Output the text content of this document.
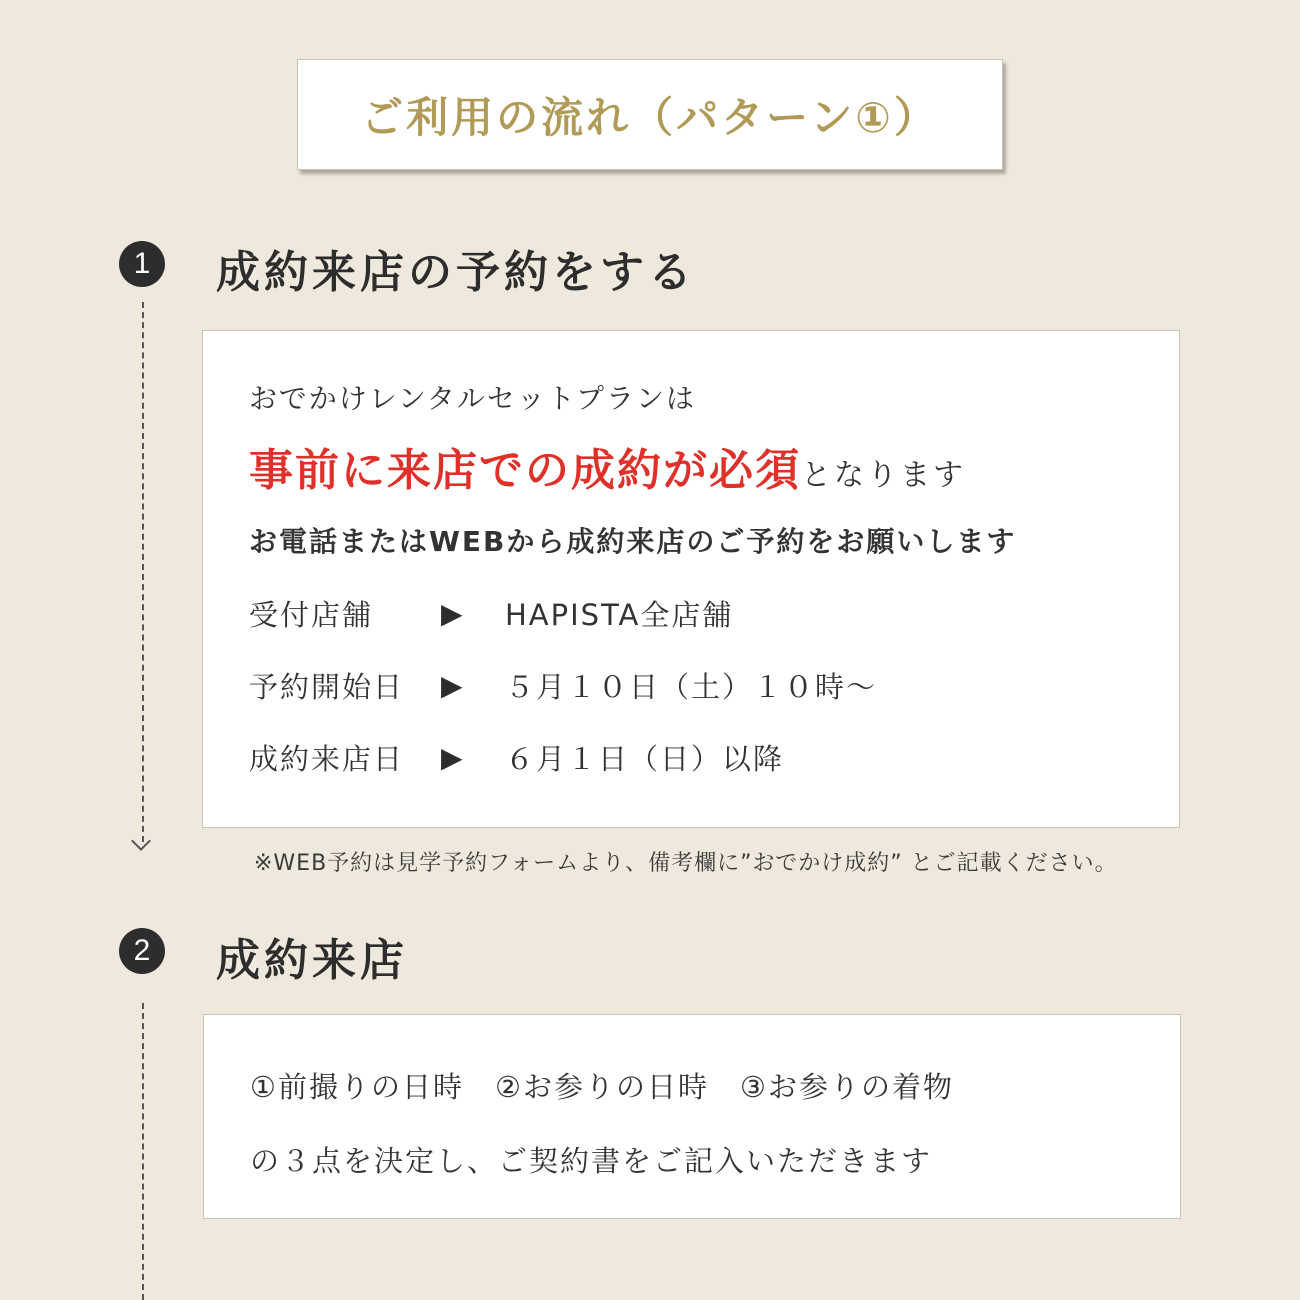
ご利用の流れ（パターン①）
1	成約来店の予約をする
おでかけレンタルセットプランは
事前に来店での成約が必須となります
お電話またはWEBから成約来店のご予約をお願いします
受付店舗	▶	HAPISTA全店舗
予約開始日	▶	５月１０日（土）１０時～
成約来店日	▶	６月１日（日）以降
※WEB予約は見学予約フォームより、備考欄に”おでかけ成約” とご記載ください。
2	成約来店
①前撮りの日時　②お参りの日時　③お参りの着物
の３点を決定し、ご契約書をご記入いただきます
